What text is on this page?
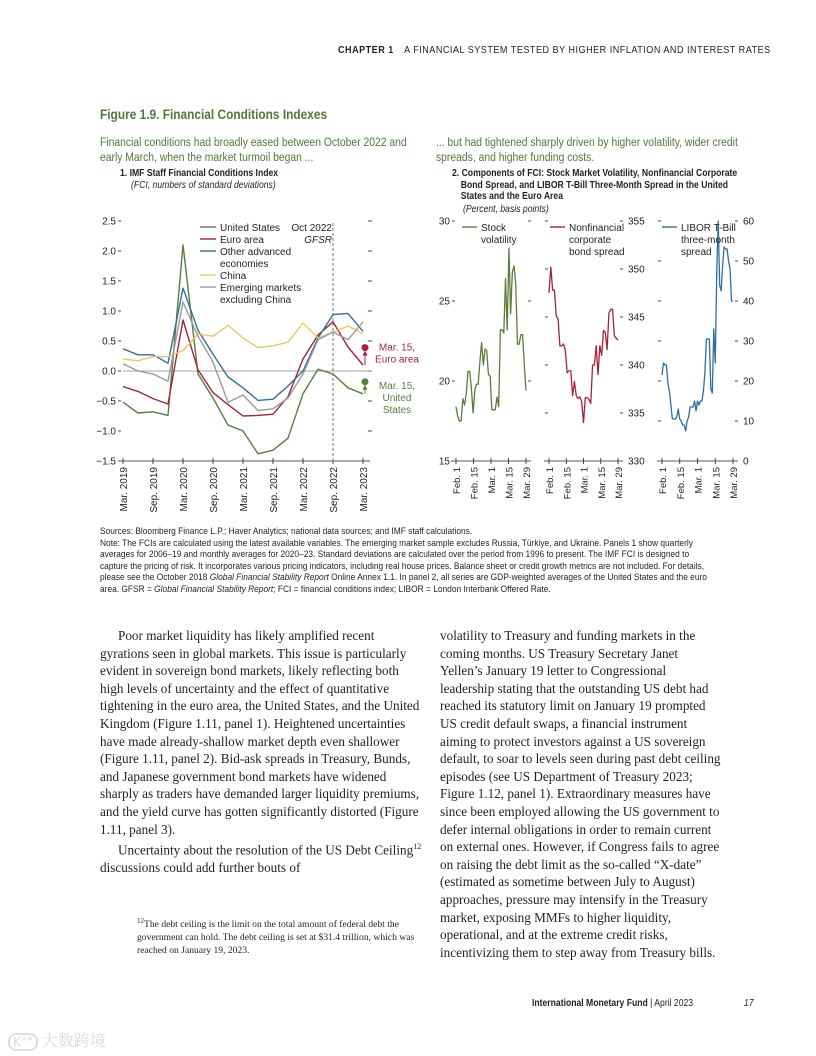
CHAPTER 1 A FINANCIAL SYSTEM TESTED BY HIGHER INFLATION AND INTEREST RATES
Figure 1.9. Financial Conditions Indexes
Financial conditions had broadly eased between October 2022 and early March, when the market turmoil began ...
... but had tightened sharply driven by higher volatility, wider credit spreads, and higher funding costs.
1. IMF Staff Financial Conditions Index
(FCI, numbers of standard deviations)
2. Components of FCI: Stock Market Volatility, Nonfinancial Corporate
Bond Spread, and LIBOR T-Bill Three-Month Spread in the United
States and the Euro Area
(Percent, basis points)
−1.5
−1.0
−0.5
0.0
0.5
1.0
1.5
2.0
2.5
Mar. 2019 Sep. 2019 Mar. 2020 Sep. 2020 Mar. 2021 Sep. 2021 Mar. 2022 Sep. 2022 Mar. 2023
Mar. 15,
Euro area
Mar. 15,
United
States
15
20
25
30
Feb. 1 Feb. 15 Mar. 1 Mar. 15 Mar. 29
330
335
340
345
350
355
Feb. 1 Feb. 15 Mar. 1 Mar. 15 Mar. 29
0
10
20
30
40
50
60
Feb. 1 Feb. 15 Mar. 1 Mar. 15 Mar. 29
United States
Euro area
Other advanced
economies
China
Emerging markets
excluding China
Oct 2022
GFSR
Stock
volatility
Nonfinancial
corporate
bond spread
LIBOR T-Bill
three-month
spread

Sources: Bloomberg Finance L.P.; Haver Analytics; national data sources; and IMF staff calculations.

Note: The FCIs are calculated using the latest available variables. The emerging market sample excludes Russia, Türkiye, and Ukraine. Panels 1 show quarterly

averages for 2006–19 and monthly averages for 2020–23. Standard deviations are calculated over the period from 1996 to present. The IMF FCI is designed to

capture the pricing of risk. It incorporates various pricing indicators, including real house prices. Balance sheet or credit growth metrics are not included. For details,

please see the October 2018 Global Financial Stability Report Online Annex 1.1. In panel 2, all series are GDP-weighted averages of the United States and the euro

area. GFSR = Global Financial Stability Report; FCI = financial conditions index; LIBOR = London Interbank Offered Rate.

Poor market liquidity has likely amplified recent gyrations seen in global markets. This issue is particularly evident in sovereign bond markets, likely reflecting both high levels of uncertainty and the effect of quantitative tightening in the euro area, the United States, and the United Kingdom (Figure 1.11, panel 1). Heightened uncertainties have made already-shallow market depth even shallower (Figure 1.11, panel 2). Bid-ask spreads in Treasury, Bunds, and Japanese government bond markets have widened sharply as traders have demanded larger liquidity premiums, and the yield curve has gotten significantly distorted (Figure 1.11, panel 3).

Uncertainty about the resolution of the US Debt Ceiling$^{12}$ discussions could add further bouts of

volatility to Treasury and funding markets in the coming months. US Treasury Secretary Janet Yellen’s January 19 letter to Congressional leadership stating that the outstanding US debt had reached its statutory limit on January 19 prompted US credit default swaps, a financial instrument aiming to protect investors against a US sovereign default, to soar to levels seen during past debt ceiling episodes (see US Department of Treasury 2023; Figure 1.12, panel 1). Extraordinary measures have since been employed allowing the US government to defer internal obligations in order to remain current on external ones. However, if Congress fails to agree on raising the debt limit as the so-called “X-date” (estimated as sometime between July to August) approaches, pressure may intensify in the Treasury market, exposing MMFs to higher liquidity, operational, and at the extreme credit risks, incentivizing them to step away from Treasury bills.

$^{12}$The debt ceiling is the limit on the total amount of federal debt the government can hold. The debt ceiling is set at $31.4 trillion, which was reached on January 19, 2023.
International Monetary Fund | April 2023	17
K°° 大数跨境
